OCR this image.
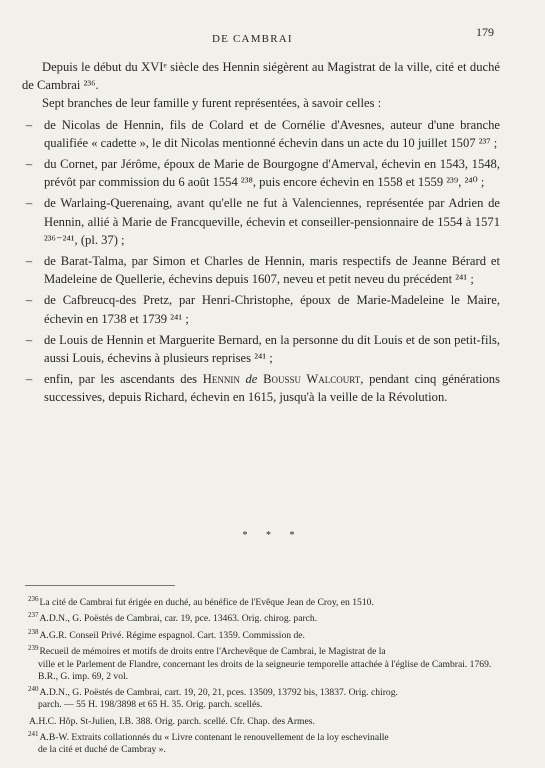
DE CAMBRAI	179

Depuis le début du XVIᵉ siècle des Hennin siégèrent au Magistrat de la ville, cité et duché de Cambrai ²³⁶.

Sept branches de leur famille y furent représentées, à savoir celles :

– de Nicolas de Hennin, fils de Colard et de Cornélie d'Avesnes, auteur d'une branche qualifiée « cadette », le dit Nicolas mentionné échevin dans un acte du 10 juillet 1507 ²³⁷ ;
– du Cornet, par Jérôme, époux de Marie de Bourgogne d'Amerval, échevin en 1543, 1548, prévôt par commission du 6 août 1554 ²³⁸, puis encore échevin en 1558 et 1559 ²³⁹, ²⁴⁰ ;
– de Warlaing-Querenaing, avant qu'elle ne fut à Valenciennes, représentée par Adrien de Hennin, allié à Marie de Francqueville, échevin et conseiller-pensionnaire de 1554 à 1571 ²³⁶⁻²⁴¹, (pl. 37) ;
– de Barat-Talma, par Simon et Charles de Hennin, maris respectifs de Jeanne Bérard et Madeleine de Quellerie, échevins depuis 1607, neveu et petit neveu du précédent ²⁴¹ ;
– de Cafbreucq-des Pretz, par Henri-Christophe, époux de Marie-Madeleine le Maire, échevin en 1738 et 1739 ²⁴¹ ;
– de Louis de Hennin et Marguerite Bernard, en la personne du dit Louis et de son petit-fils, aussi Louis, échevins à plusieurs reprises ²⁴¹ ;
– enfin, par les ascendants des Hennin de Boussu Walcourt, pendant cinq générations successives, depuis Richard, échevin en 1615, jusqu'à la veille de la Révolution.
* * *
$^{236}$La cité de Cambrai fut érigée en duché, au bénéfice de l'Evêque Jean de Croy, en 1510.
$^{237}$A.D.N., G. Poëstés de Cambrai, car. 19, pce. 13463. Orig. chirog. parch.
$^{238}$A.G.R. Conseil Privé. Régime espagnol. Cart. 1359. Commission de.
$^{239}$Recueil de mémoires et motifs de droits entre l'Archevêque de Cambrai, le Magistrat de la
ville et le Parlement de Flandre, concernant les droits de la seigneurie temporelle attachée à l'église de Cambrai. 1769. B.R., G. imp. 69, 2 vol.
$^{240}$A.D.N., G. Poëstés de Cambrai, cart. 19, 20, 21, pces. 13509, 13792 bis, 13837. Orig. chirog.
parch. — 55 H. 198/3898 et 65 H. 35. Orig. parch. scellés.
A.H.C. Hôp. St-Julien, I.B. 388. Orig. parch. scellé. Cfr. Chap. des Armes.
$^{241}$A.B-W. Extraits collationnés du « Livre contenant le renouvellement de la loy eschevinalle
de la cité et duché de Cambray ».
